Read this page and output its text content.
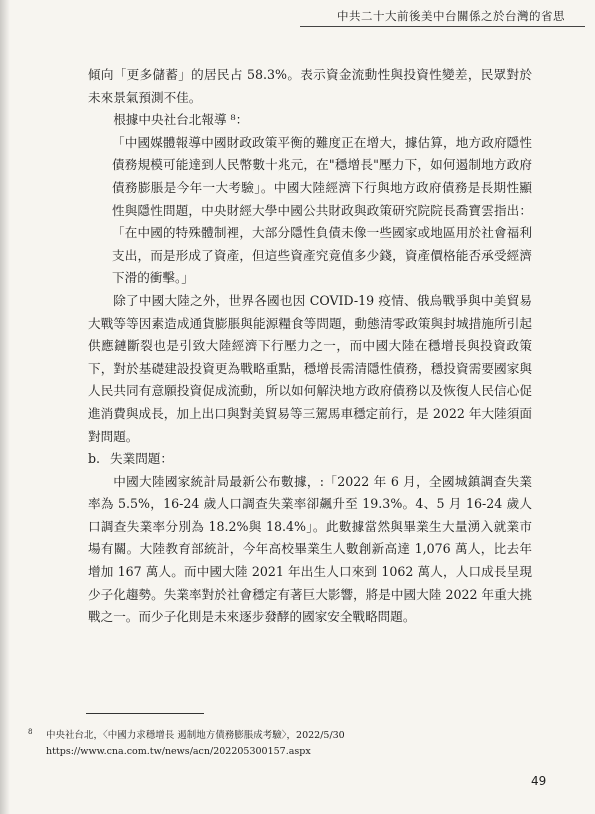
中共二十大前後美中台關係之於台灣的省思

傾向「更多儲蓄」的居民占 58.3%。表示資金流動性與投資性變差，民眾對於未來景氣預測不佳。

根據中央社台北報導 ⁸：

「中國媒體報導中國財政政策平衡的難度正在增大，據估算，地方政府隱性債務規模可能達到人民幣數十兆元，在"穩增長"壓力下，如何遏制地方政府債務膨脹是今年一大考驗」。中國大陸經濟下行與地方政府債務是長期性顯性與隱性問題，中央財經大學中國公共財政與政策研究院院長喬寶雲指出：「在中國的特殊體制裡，大部分隱性負債未像一些國家或地區用於社會福利支出，而是形成了資產，但這些資產究竟值多少錢，資產價格能否承受經濟下滑的衝擊。」

除了中國大陸之外，世界各國也因 COVID-19 疫情、俄烏戰爭與中美貿易大戰等等因素造成通貨膨脹與能源糧食等問題，動態清零政策與封城措施所引起供應鏈斷裂也是引致大陸經濟下行壓力之一，而中國大陸在穩增長與投資政策下，對於基礎建設投資更為戰略重點，穩增長需清隱性債務，穩投資需要國家與人民共同有意願投資促成流動，所以如何解決地方政府債務以及恢復人民信心促進消費與成長，加上出口與對美貿易等三駕馬車穩定前行，是 2022 年大陸須面對問題。

b. 失業問題：

中國大陸國家統計局最新公布數據，:「2022 年 6 月，全國城鎮調查失業率為 5.5%，16-24 歲人口調查失業率卻飆升至 19.3%。4、5 月 16-24 歲人口調查失業率分別為 18.2%與 18.4%」。此數據當然與畢業生大量湧入就業市場有關。大陸教育部統計，今年高校畢業生人數創新高達 1,076 萬人，比去年增加 167 萬人。而中國大陸 2021 年出生人口來到 1062 萬人，人口成長呈現少子化趨勢。失業率對於社會穩定有著巨大影響，將是中國大陸 2022 年重大挑戰之一。而少子化則是未來逐步發酵的國家安全戰略問題。

8 中央社台北，〈中國力求穩增長 遏制地方債務膨脹成考驗〉，2022/5/30
https://www.cna.com.tw/news/acn/202205300157.aspx
49
